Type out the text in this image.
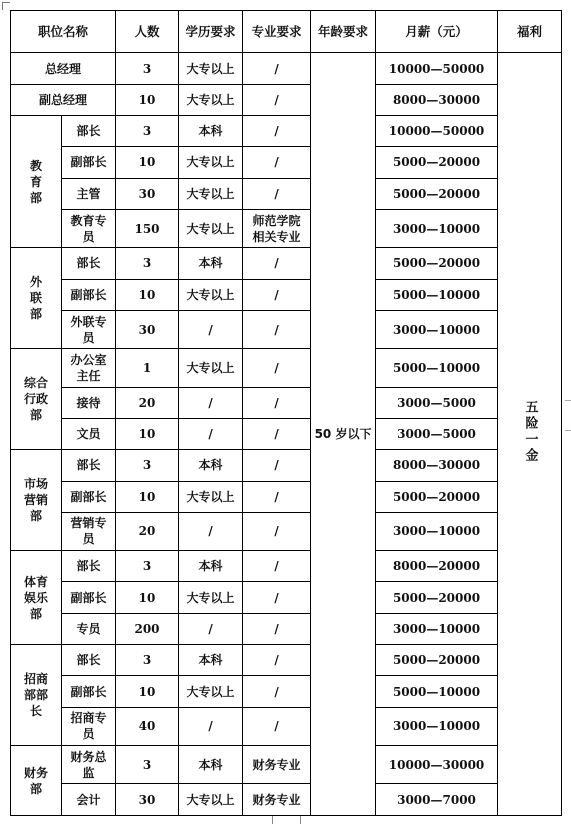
职位名称		人数	学历要求	专业要求	年龄要求	月薪（元）	福利
总经理		3	大专以上	/	50 岁以下	10000—50000	五险一金
副总经理		10	大专以上	/		8000—30000	
教育部	部长	3	本科	/		10000—50000	
	副部长	10	大专以上	/		5000—20000	
	主管	30	大专以上	/		5000—20000	
	教育专员	150	大专以上	师范学院相关专业		3000—10000	
外联部	部长	3	本科	/		5000—20000	
	副部长	10	大专以上	/		5000—10000	
	外联专员	30	/	/		3000—10000	
综合行政部	办公室主任	1	大专以上	/		5000—10000	
	接待	20	/	/		3000—5000	
	文员	10	/	/		3000—5000	
市场营销部	部长	3	本科	/		8000—30000	
	副部长	10	大专以上	/		5000—20000	
	营销专员	20	/	/		3000—10000	
体育娱乐部	部长	3	本科	/		8000—20000	
	副部长	10	大专以上	/		5000—20000	
	专员	200	/	/		3000—10000	
招商部部长	部长	3	本科	/		5000—20000	
	副部长	10	大专以上	/		5000—10000	
	招商专员	40	/	/		3000—10000	
财务部	财务总监	3	本科	财务专业		10000—30000	
	会计	30	大专以上	财务专业		3000—7000	
